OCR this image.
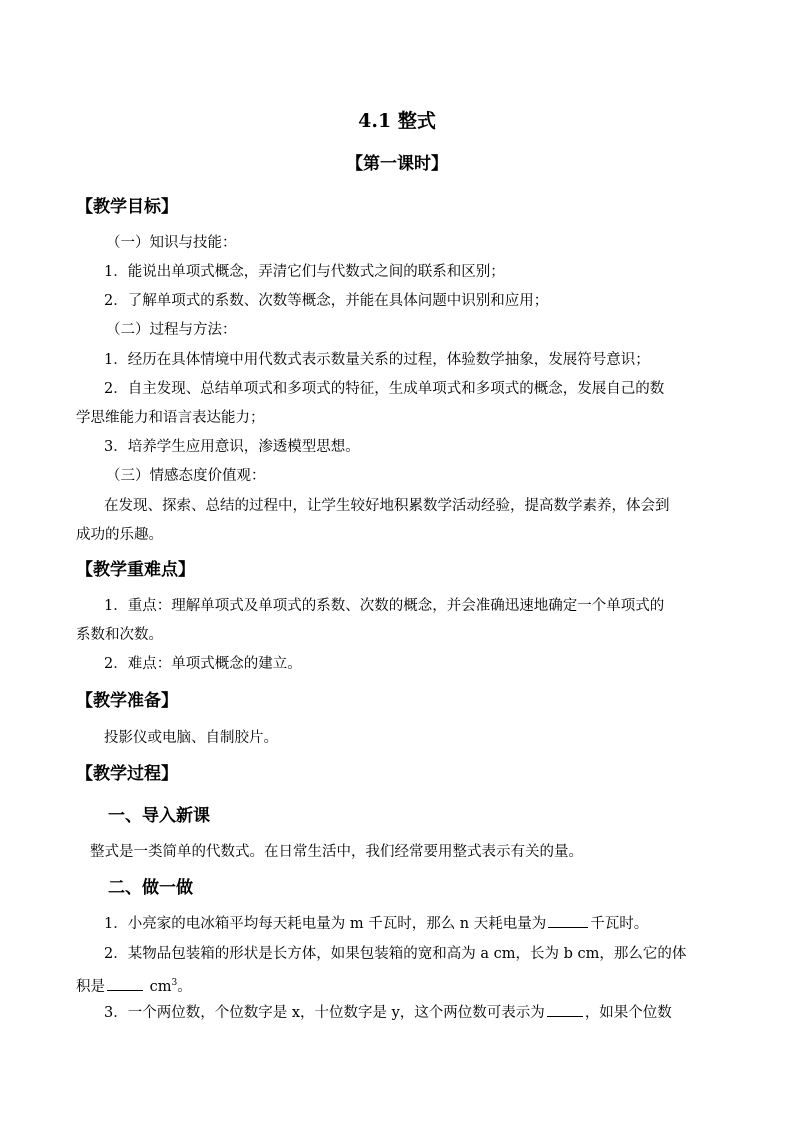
4.1 整式
【第一课时】
【教学目标】
（一）知识与技能：
1．能说出单项式概念，弄清它们与代数式之间的联系和区别；
2．了解单项式的系数、次数等概念，并能在具体问题中识别和应用；
（二）过程与方法：
1．经历在具体情境中用代数式表示数量关系的过程，体验数学抽象，发展符号意识；
2．自主发现、总结单项式和多项式的特征，生成单项式和多项式的概念，发展自己的数
学思维能力和语言表达能力；
3．培养学生应用意识，渗透模型思想。
（三）情感态度价值观：
在发现、探索、总结的过程中，让学生较好地积累数学活动经验，提高数学素养，体会到
成功的乐趣。
【教学重难点】
1．重点：理解单项式及单项式的系数、次数的概念，并会准确迅速地确定一个单项式的
系数和次数。
2．难点：单项式概念的建立。
【教学准备】
投影仪或电脑、自制胶片。
【教学过程】
一、导入新课
整式是一类简单的代数式。在日常生活中，我们经常要用整式表示有关的量。
二、做一做
1．小亮家的电冰箱平均每天耗电量为 m 千瓦时，那么 n 天耗电量为	千瓦时。
2．某物品包装箱的形状是长方体，如果包装箱的宽和高为 a cm，长为 b cm，那么它的体
积是	$cm^3$。
3．一个两位数，个位数字是 x，十位数字是 y，这个两位数可表示为	，如果个位数
